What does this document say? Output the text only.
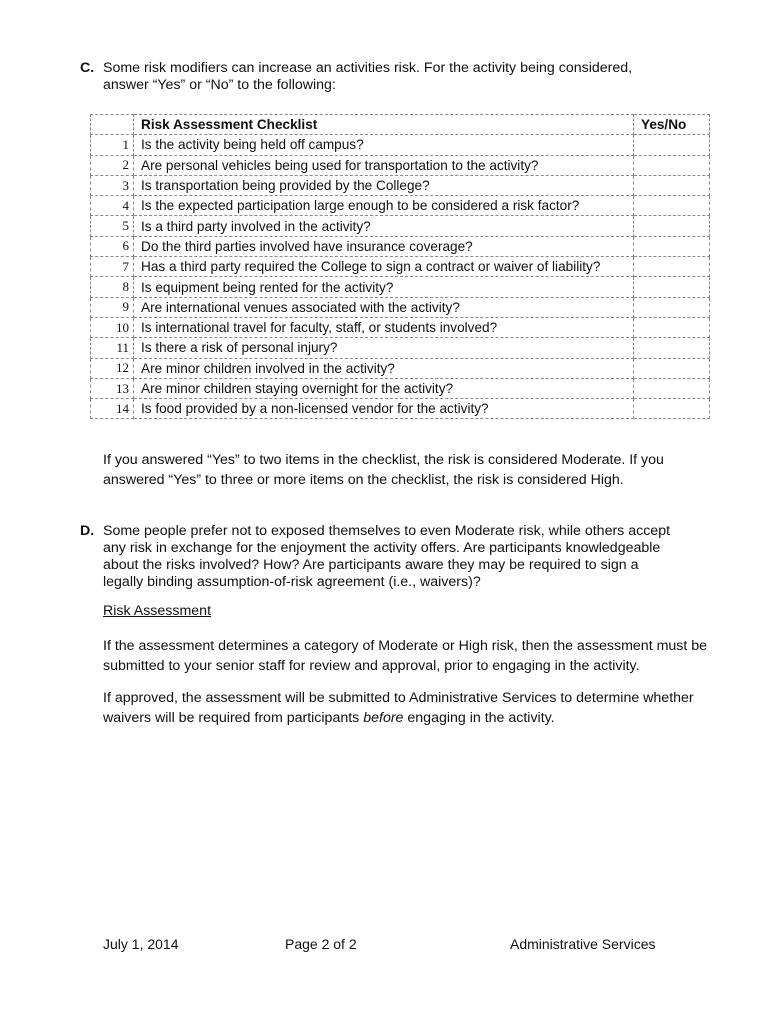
C. Some risk modifiers can increase an activities risk. For the activity being considered,
answer “Yes” or “No” to the following:
	Risk Assessment Checklist	Yes/No
1	Is the activity being held off campus?	
2	Are personal vehicles being used for transportation to the activity?	
3	Is transportation being provided by the College?	
4	Is the expected participation large enough to be considered a risk factor?	
5	Is a third party involved in the activity?	
6	Do the third parties involved have insurance coverage?	
7	Has a third party required the College to sign a contract or waiver of liability?	
8	Is equipment being rented for the activity?	
9	Are international venues associated with the activity?	
10	Is international travel for faculty, staff, or students involved?	
11	Is there a risk of personal injury?	
12	Are minor children involved in the activity?	
13	Are minor children staying overnight for the activity?	
14	Is food provided by a non-licensed vendor for the activity?	
If you answered “Yes” to two items in the checklist, the risk is considered Moderate. If you
answered “Yes” to three or more items on the checklist, the risk is considered High.
D. Some people prefer not to exposed themselves to even Moderate risk, while others accept
any risk in exchange for the enjoyment the activity offers. Are participants knowledgeable
about the risks involved? How? Are participants aware they may be required to sign a
legally binding assumption-of-risk agreement (i.e., waivers)?
Risk Assessment
If the assessment determines a category of Moderate or High risk, then the assessment must be
submitted to your senior staff for review and approval, prior to engaging in the activity.
If approved, the assessment will be submitted to Administrative Services to determine whether
waivers will be required from participants before engaging in the activity.
July 1, 2014	Page 2 of 2	Administrative Services
